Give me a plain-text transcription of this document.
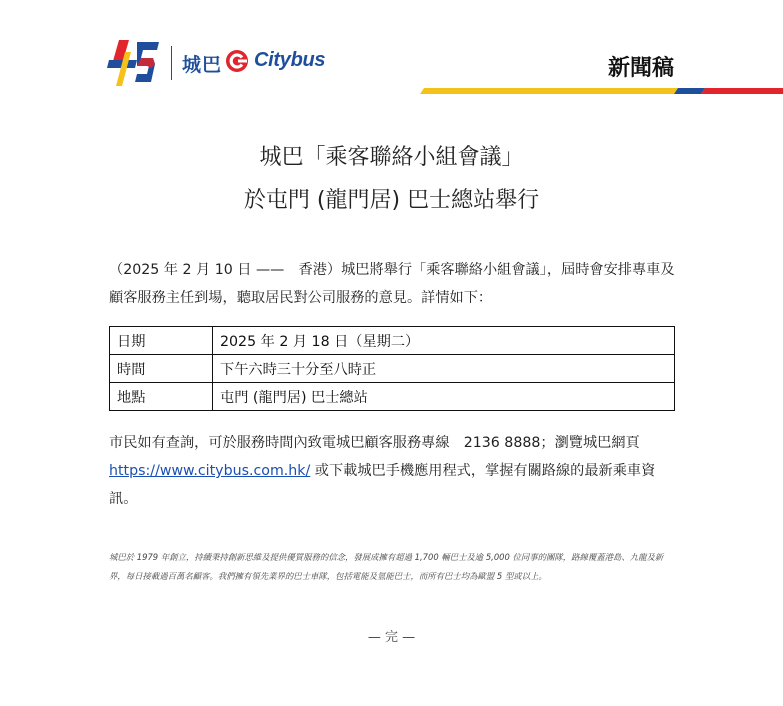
城巴 Citybus	新聞稿
城巴「乘客聯絡小組會議」
於屯門 (龍門居) 巴士總站舉行
（2025 年 2 月 10 日 ——　香港）城巴將舉行「乘客聯絡小組會議」，屆時會安排專車及顧客服務主任到場，聽取居民對公司服務的意見。詳情如下：
日期	2025 年 2 月 18 日（星期二）
時間	下午六時三十分至八時正
地點	屯門 (龍門居) 巴士總站
市民如有查詢，可於服務時間內致電城巴顧客服務專線　2136 8888；瀏覽城巴網頁 https://www.citybus.com.hk/ 或下載城巴手機應用程式，掌握有關路線的最新乘車資訊。
城巴於 1979 年創立，持續秉持創新思維及提供優質服務的信念，發展成擁有超過 1,700 輛巴士及逾 5,000 位同事的團隊，路線覆蓋港島、九龍及新界，每日接載過百萬名顧客。我們擁有領先業界的巴士車隊，包括電能及氫能巴士，而所有巴士均為歐盟 5 型或以上。
— 完 —
